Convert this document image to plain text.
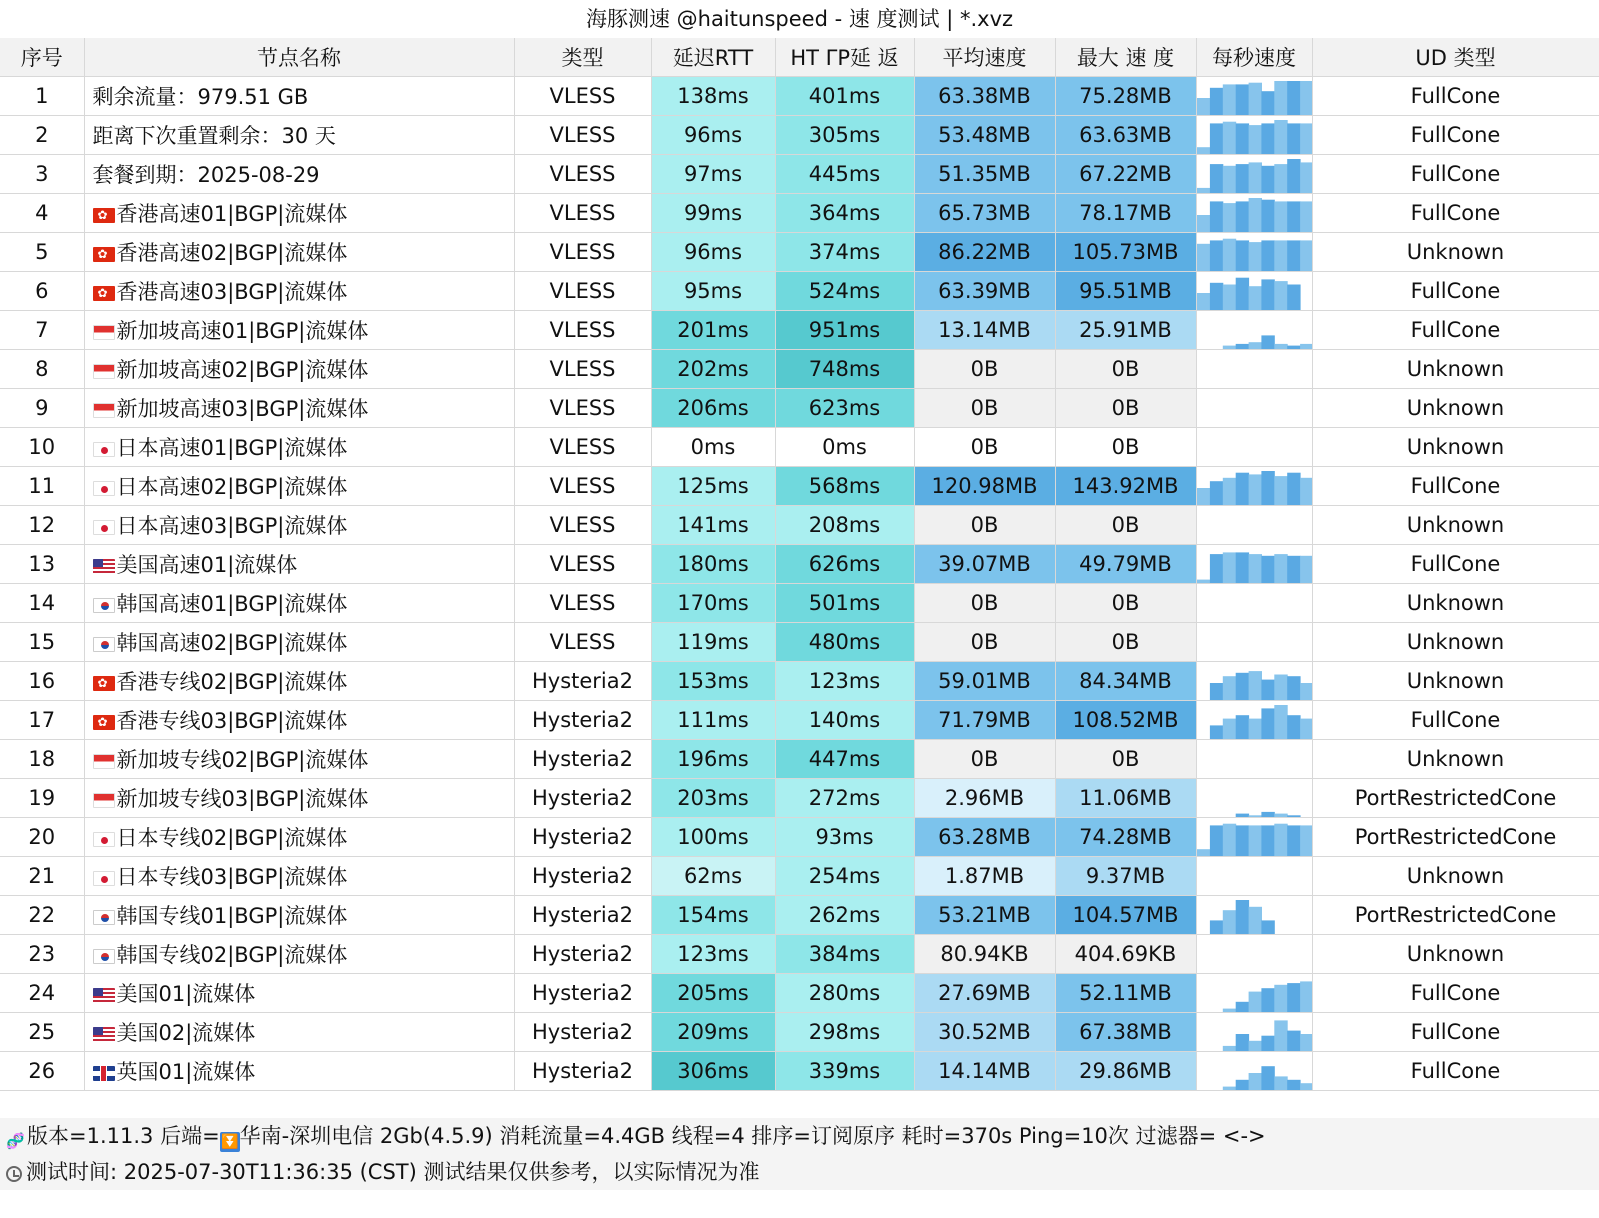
海豚测速 @haitunspeed - 速 度测试 | *.xvz
序号	节点名称	类型	延迟RTT	HT ΓP延 返	平均速度	最大 速 度	每秒速度	UD 类型
1	剩余流量：979.51 GB	VLESS	138ms	401ms	63.38MB	75.28MB		FullCone
2	距离下次重置剩余：30 天	VLESS	96ms	305ms	53.48MB	63.63MB		FullCone
3	套餐到期：2025-08-29	VLESS	97ms	445ms	51.35MB	67.22MB		FullCone
4	✿香港高速01|BGP|流媒体	VLESS	99ms	364ms	65.73MB	78.17MB		FullCone
5	✿香港高速02|BGP|流媒体	VLESS	96ms	374ms	86.22MB	105.73MB		Unknown
6	✿香港高速03|BGP|流媒体	VLESS	95ms	524ms	63.39MB	95.51MB		FullCone
7	新加坡高速01|BGP|流媒体	VLESS	201ms	951ms	13.14MB	25.91MB		FullCone
8	新加坡高速02|BGP|流媒体	VLESS	202ms	748ms	0B	0B		Unknown
9	新加坡高速03|BGP|流媒体	VLESS	206ms	623ms	0B	0B		Unknown
10	日本高速01|BGP|流媒体	VLESS	0ms	0ms	0B	0B		Unknown
11	日本高速02|BGP|流媒体	VLESS	125ms	568ms	120.98MB	143.92MB		FullCone
12	日本高速03|BGP|流媒体	VLESS	141ms	208ms	0B	0B		Unknown
13	美国高速01|流媒体	VLESS	180ms	626ms	39.07MB	49.79MB		FullCone
14	韩国高速01|BGP|流媒体	VLESS	170ms	501ms	0B	0B		Unknown
15	韩国高速02|BGP|流媒体	VLESS	119ms	480ms	0B	0B		Unknown
16	✿香港专线02|BGP|流媒体	Hysteria2	153ms	123ms	59.01MB	84.34MB		Unknown
17	✿香港专线03|BGP|流媒体	Hysteria2	111ms	140ms	71.79MB	108.52MB		FullCone
18	新加坡专线02|BGP|流媒体	Hysteria2	196ms	447ms	0B	0B		Unknown
19	新加坡专线03|BGP|流媒体	Hysteria2	203ms	272ms	2.96MB	11.06MB		PortRestrictedCone
20	日本专线02|BGP|流媒体	Hysteria2	100ms	93ms	63.28MB	74.28MB		PortRestrictedCone
21	日本专线03|BGP|流媒体	Hysteria2	62ms	254ms	1.87MB	9.37MB		Unknown
22	韩国专线01|BGP|流媒体	Hysteria2	154ms	262ms	53.21MB	104.57MB		PortRestrictedCone
23	韩国专线02|BGP|流媒体	Hysteria2	123ms	384ms	80.94KB	404.69KB		Unknown
24	美国01|流媒体	Hysteria2	205ms	280ms	27.69MB	52.11MB		FullCone
25	美国02|流媒体	Hysteria2	209ms	298ms	30.52MB	67.38MB		FullCone
26	英国01|流媒体	Hysteria2	306ms	339ms	14.14MB	29.86MB		FullCone
🧬 版本=1.11.3 后端=⏬华南-深圳电信 2Gb(4.5.9) 消耗流量=4.4GB 线程=4 排序=订阅原序 耗时=370s Ping=10次 过滤器= <->
测试时间: 2025-07-30T11:36:35 (CST) 测试结果仅供参考，以实际情况为准
